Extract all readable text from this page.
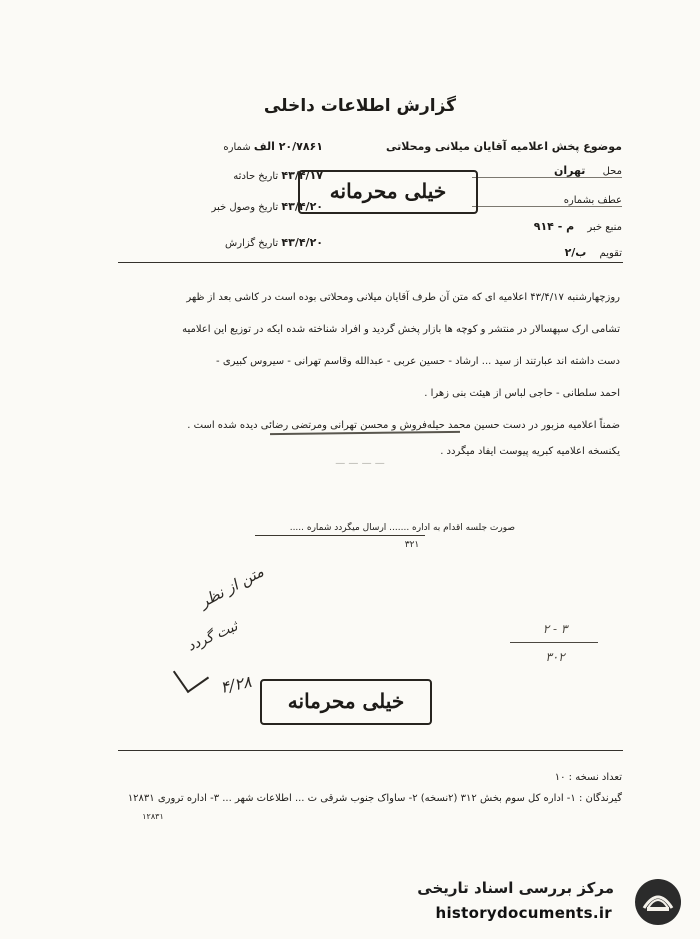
گزارش اطلاعات داخلی
۲۰/۷۸۶۱ الف شماره
۴۳/۴/۱۷ تاریخ حادثه
۴۳/۴/۲۰ تاریخ وصول خبر
۴۳/۴/۲۰ تاریخ گزارش
موضوع پخش اعلامیه آقایان میلانی ومحلاتی
محل تهران
عطف بشماره
منبع خبر م - ۹۱۴
تقویم ب/۲
خیلی محرمانه
روزچهارشنبه ۴۳/۴/۱۷ اعلامیه ای که متن آن طرف آقایان میلانی ومحلاتی بوده است در کاشی بعد از ظهر
تشامی ارک سپهسالار در منتشر و کوچه ها بازار پخش گردید و افراد شناخته شده ایکه در توزیع این اعلامیه
دست داشته اند عبارتند از سید ... ارشاد - حسین عربی - عبدالله وقاسم تهرانی - سیروس کبیری -
احمد سلطانی - حاجی لباس از هیئت بنی زهرا .
ضمناً اعلامیه مزبور در دست حسین محمد حیله‌فروش و محسن تهرانی ومرتضی رضائی دیده شده است .
یکنسخه اعلامیه کبریه پیوست ایفاد میگردد .
— — — —
صورت جلسه اقدام به اداره ....... ارسال میگردد شماره .....
۳۲۱
متن از نظر
ثبت گردد
۴/۲۸
خیلی محرمانه
۲ - ۳
۳۰۲
تعداد نسخه : ۱۰
گیرندگان : ۱- اداره کل سوم بخش ۳۱۲ (۲نسخه) ۲- ساواک جنوب شرقی ت ... اطلاعات شهر ... ۳- اداره تروری ۱۲۸۳۱
۱۲۸۳۱
مرکز بررسی اسناد تاریخی
historydocuments.ir
